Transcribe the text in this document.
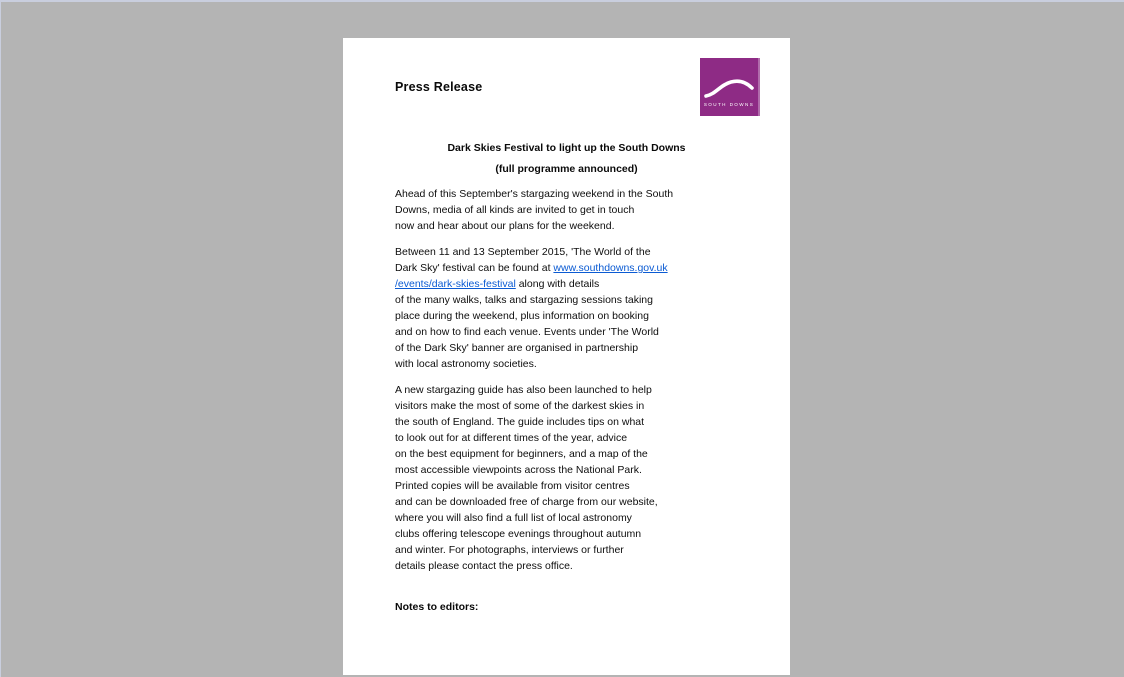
Press Release
SOUTH DOWNS
Dark Skies Festival to light up the South Downs
(full programme announced)
Ahead of this September's stargazing weekend in the South
Downs, media of all kinds are invited to get in touch
now and hear about our plans for the weekend.
Between 11 and 13 September 2015, 'The World of the
Dark Sky' festival can be found at www.southdowns.gov.uk
/events/dark-skies-festival along with details
of the many walks, talks and stargazing sessions taking
place during the weekend, plus information on booking
and on how to find each venue. Events under 'The World
of the Dark Sky' banner are organised in partnership
with local astronomy societies.
A new stargazing guide has also been launched to help
visitors make the most of some of the darkest skies in
the south of England. The guide includes tips on what
to look out for at different times of the year, advice
on the best equipment for beginners, and a map of the
most accessible viewpoints across the National Park.
Printed copies will be available from visitor centres
and can be downloaded free of charge from our website,
where you will also find a full list of local astronomy
clubs offering telescope evenings throughout autumn
and winter. For photographs, interviews or further
details please contact the press office.
Notes to editors:
